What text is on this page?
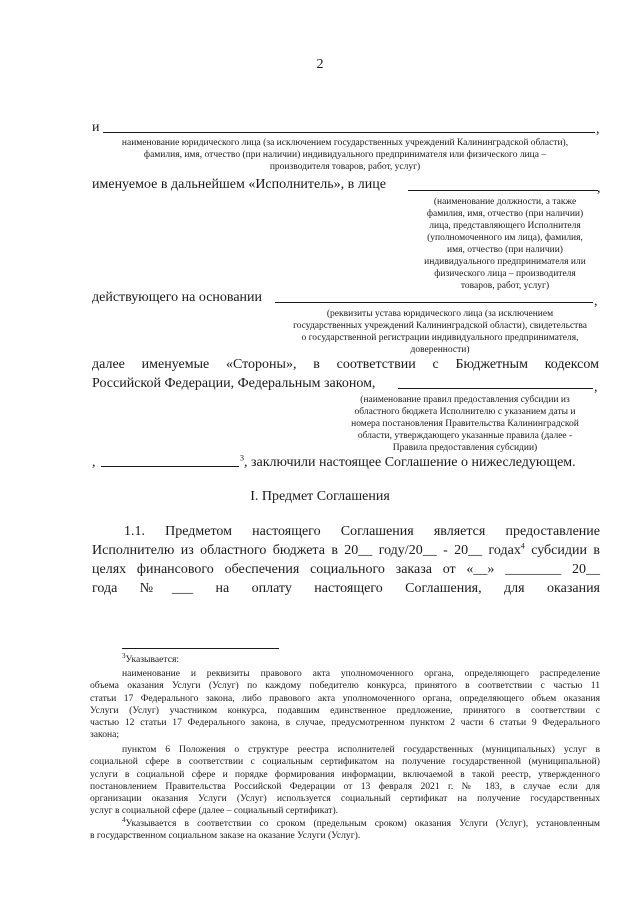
2
и	,
наименование юридического лица (за исключением государственных учреждений Калининградской области),
фамилия, имя, отчество (при наличии) индивидуального предпринимателя или физического лица –
производителя товаров, работ, услуг)
именуемое в дальнейшем «Исполнитель», в лице	,
(наименование должности, а также
фамилия, имя, отчество (при наличии)
лица, представляющего Исполнителя
(уполномоченного им лица), фамилия,
имя, отчество (при наличии)
индивидуального предпринимателя или
физического лица – производителя
товаров, работ, услуг)
действующего на основании	,
(реквизиты устава юридического лица (за исключением
государственных учреждений Калининградской области), свидетельства
о государственной регистрации индивидуального предпринимателя,
доверенности)
далее именуемые «Стороны», в соответствии с Бюджетным кодексом
Российской Федерации, Федеральным законом,	,
(наименование правил предоставления субсидии из
областного бюджета Исполнителю с указанием даты и
номера постановления Правительства Калининградской
области, утверждающего указанные правила (далее -
Правила предоставления субсидии)
,	$^3$, заключили настоящее Соглашение о нижеследующем.
I. Предмет Соглашения
1.1. Предметом настоящего Соглашения является предоставление
Исполнителю из областного бюджета в 20__ году/20__ - 20__ годах$^4$ субсидии в
целях финансового обеспечения социального заказа от «__» ________ 20__
года №___ на оплату настоящего Соглашения, для оказания
$^3$Указывается:
наименование и реквизиты правового акта уполномоченного органа, определяющего распределение
объема оказания Услуги (Услуг) по каждому победителю конкурса, принятого в соответствии с частью 11
статьи 17 Федерального закона, либо правового акта уполномоченного органа, определяющего объем оказания
Услуги (Услуг) участником конкурса, подавшим единственное предложение, принятого в соответствии с
частью 12 статьи 17 Федерального закона, в случае, предусмотренном пунктом 2 части 6 статьи 9 Федерального
закона;
пунктом 6 Положения о структуре реестра исполнителей государственных (муниципальных) услуг в
социальной сфере в соответствии с социальным сертификатом на получение государственной (муниципальной)
услуги в социальной сфере и порядке формирования информации, включаемой в такой реестр, утвержденного
постановлением Правительства Российской Федерации от 13 февраля 2021 г. № 183, в случае если для
организации оказания Услуги (Услуг) используется социальный сертификат на получение государственных
услуг в социальной сфере (далее – социальный сертификат).
$^4$Указывается в соответствии со сроком (предельным сроком) оказания Услуги (Услуг), установленным
в государственном социальном заказе на оказание Услуги (Услуг).
